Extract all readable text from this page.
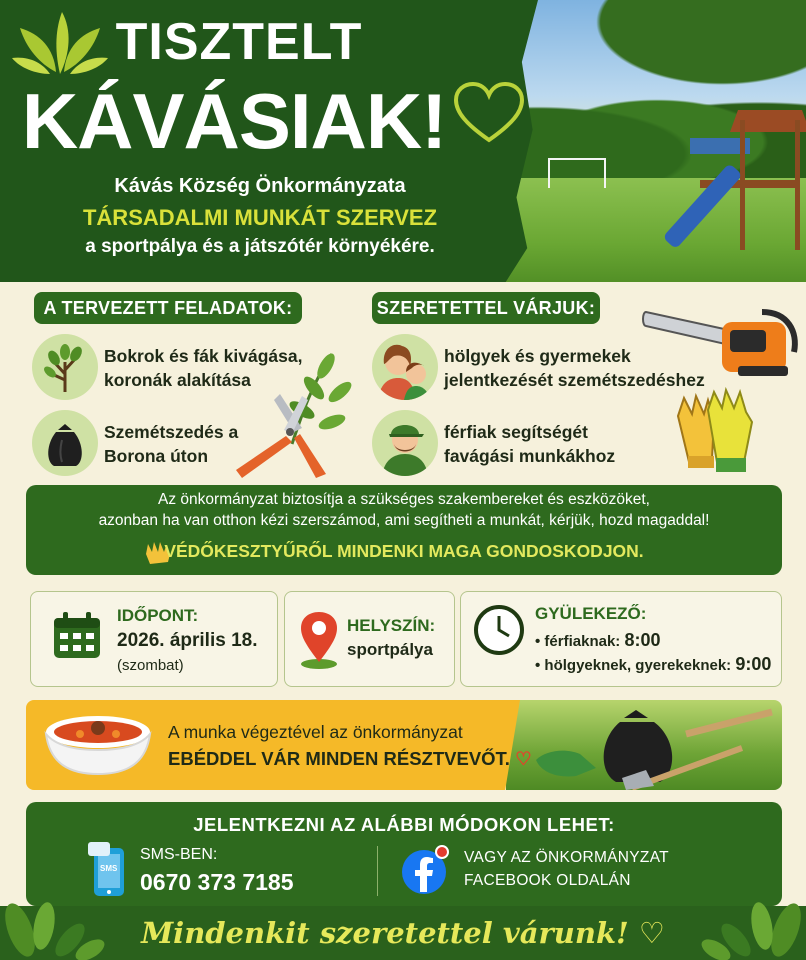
TISZTELT
KÁVÁSIAK!
Kávás Község Önkormányzata
TÁRSADALMI MUNKÁT SZERVEZ
a sportpálya és a játszótér környékére.
A TERVEZETT FELADATOK:	SZERETETTEL VÁRJUK:
Bokrok és fák kivágása,
koronák alakítása
Szemétszedés a
Borona úton
hölgyek és gyermekek
jelentkezését szemétszedéshez
férfiak segítségét
favágási munkákhoz
Az önkormányzat biztosítja a szükséges szakembereket és eszközöket,
azonban ha van otthon kézi szerszámod, ami segítheti a munkát, kérjük, hozd magaddal!
VÉDŐKESZTYŰRŐL MINDENKI MAGA GONDOSKODJON.
IDŐPONT:
2026. április 18.
(szombat)
HELYSZÍN:
sportpálya
GYÜLEKEZŐ:
• férfiaknak: 8:00
• hölgyeknek, gyerekeknek: 9:00
A munka végeztével az önkormányzat
EBÉDDEL VÁR MINDEN RÉSZTVEVŐT. ♡
JELENTKEZNI AZ ALÁBBI MÓDOKON LEHET:
SMS
SMS-BEN:
0670 373 7185
VAGY AZ ÖNKORMÁNYZAT
FACEBOOK OLDALÁN
Mindenkit szeretettel várunk! ♡
